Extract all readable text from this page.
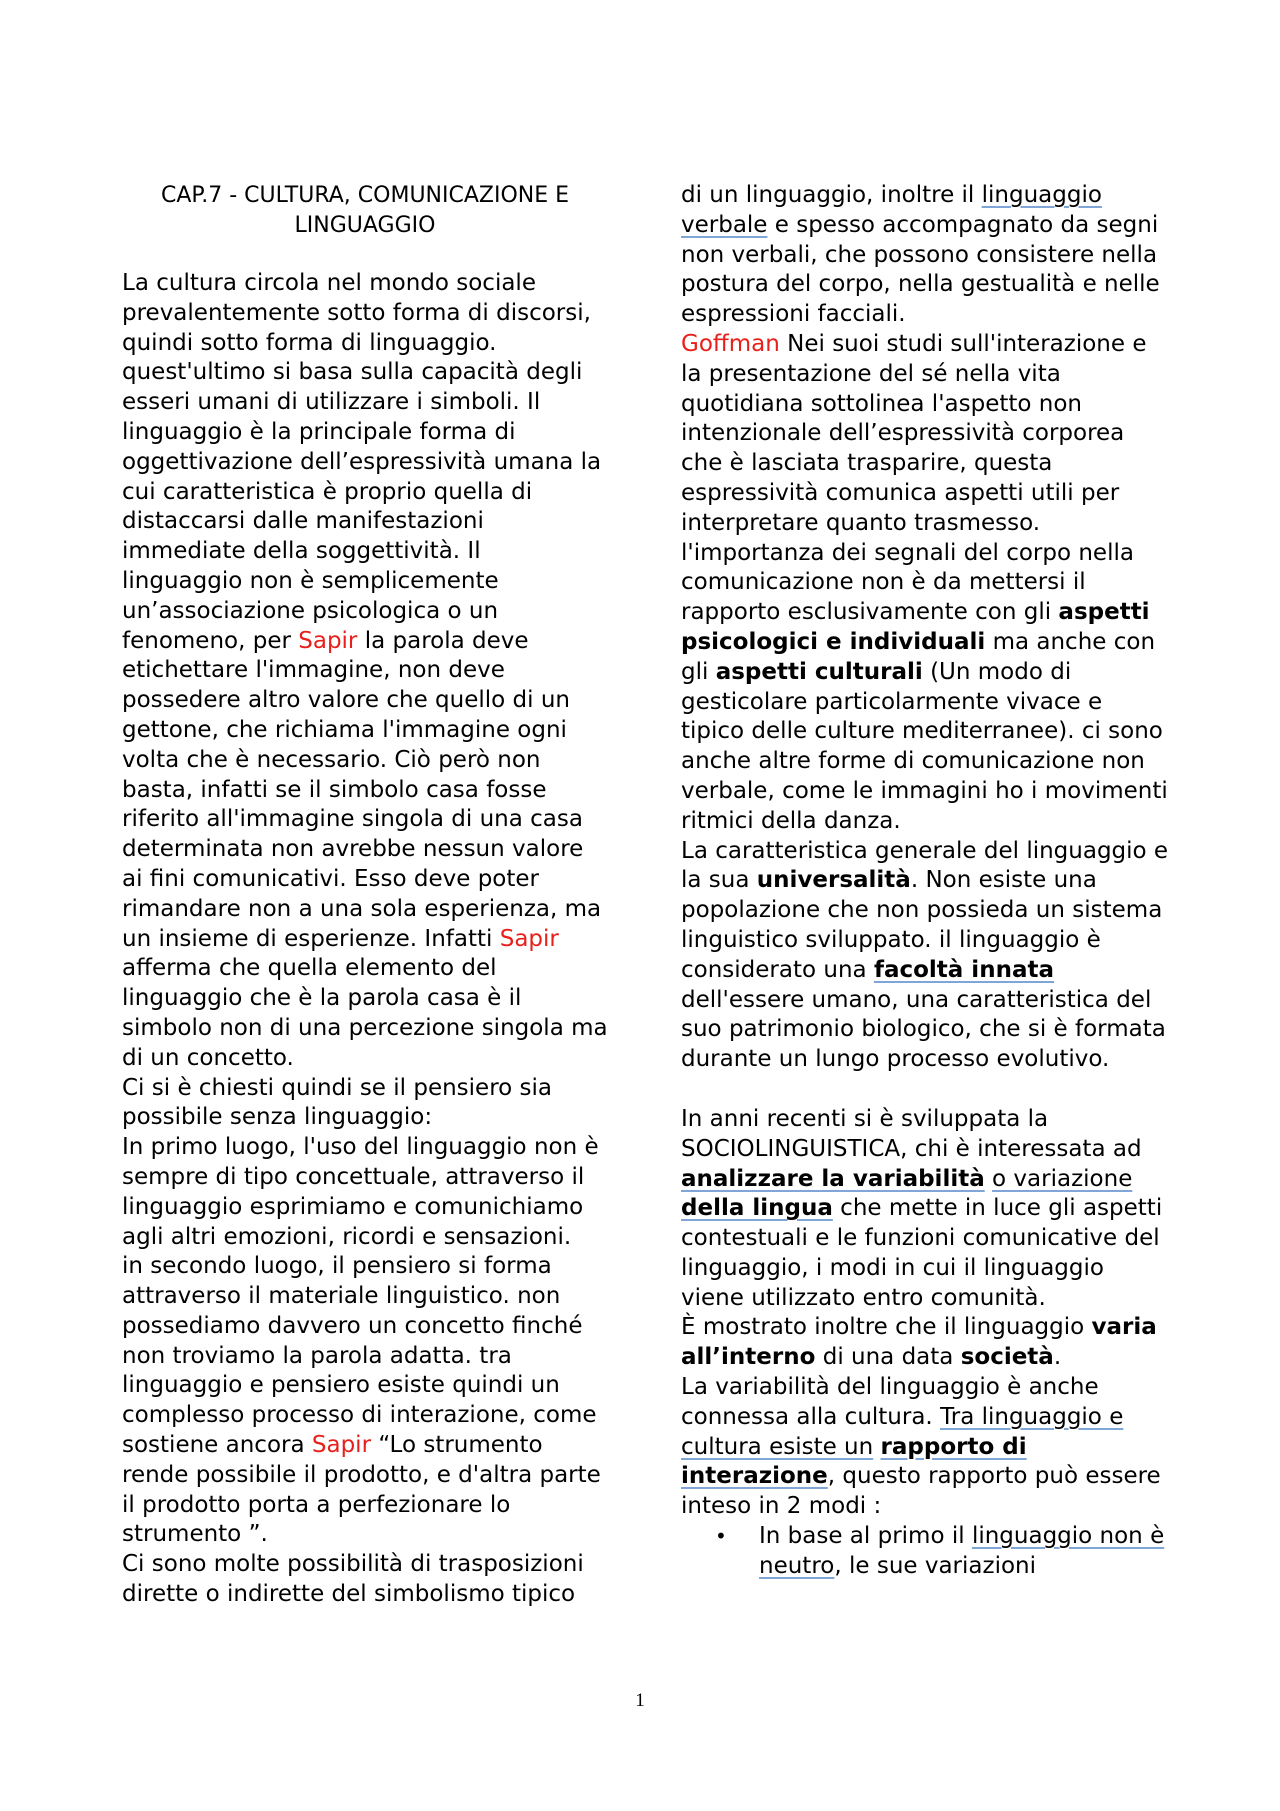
CAP.7 - CULTURA, COMUNICAZIONE E LINGUAGGIO

La cultura circola nel mondo sociale prevalentemente sotto forma di discorsi, quindi sotto forma di linguaggio. quest'ultimo si basa sulla capacità degli esseri umani di utilizzare i simboli. Il linguaggio è la principale forma di oggettivazione dell’espressività umana la cui caratteristica è proprio quella di distaccarsi dalle manifestazioni immediate della soggettività. Il linguaggio non è semplicemente un’associazione psicologica o un fenomeno, per Sapir la parola deve etichettare l'immagine, non deve possedere altro valore che quello di un gettone, che richiama l'immagine ogni volta che è necessario. Ciò però non basta, infatti se il simbolo casa fosse riferito all'immagine singola di una casa determinata non avrebbe nessun valore ai fini comunicativi. Esso deve poter rimandare non a una sola esperienza, ma un insieme di esperienze. Infatti Sapir afferma che quella elemento del linguaggio che è la parola casa è il simbolo non di una percezione singola ma di un concetto.

Ci si è chiesti quindi se il pensiero sia possibile senza linguaggio:

In primo luogo, l'uso del linguaggio non è sempre di tipo concettuale, attraverso il linguaggio esprimiamo e comunichiamo agli altri emozioni, ricordi e sensazioni.

in secondo luogo, il pensiero si forma attraverso il materiale linguistico. non possediamo davvero un concetto finché non troviamo la parola adatta. tra linguaggio e pensiero esiste quindi un complesso processo di interazione, come sostiene ancora Sapir “Lo strumento rende possibile il prodotto, e d'altra parte il prodotto porta a perfezionare lo strumento ”.

Ci sono molte possibilità di trasposizioni dirette o indirette del simbolismo tipico

di un linguaggio, inoltre il linguaggio verbale e spesso accompagnato da segni non verbali, che possono consistere nella postura del corpo, nella gestualità e nelle espressioni facciali.

Goffman Nei suoi studi sull'interazione e la presentazione del sé nella vita quotidiana sottolinea l'aspetto non intenzionale dell’espressività corporea che è lasciata trasparire, questa espressività comunica aspetti utili per interpretare quanto trasmesso.

l'importanza dei segnali del corpo nella comunicazione non è da mettersi il rapporto esclusivamente con gli aspetti psicologici e individuali ma anche con gli aspetti culturali (Un modo di gesticolare particolarmente vivace e tipico delle culture mediterranee). ci sono anche altre forme di comunicazione non verbale, come le immagini ho i movimenti ritmici della danza.

La caratteristica generale del linguaggio e la sua universalità. Non esiste una popolazione che non possieda un sistema linguistico sviluppato. il linguaggio è considerato una facoltà innata dell'essere umano, una caratteristica del suo patrimonio biologico, che si è formata durante un lungo processo evolutivo.

In anni recenti si è sviluppata la SOCIOLINGUISTICA, chi è interessata ad analizzare la variabilità o variazione della lingua che mette in luce gli aspetti contestuali e le funzioni comunicative del linguaggio, i modi in cui il linguaggio viene utilizzato entro comunità.

È mostrato inoltre che il linguaggio varia all’interno di una data società.

La variabilità del linguaggio è anche connessa alla cultura. Tra linguaggio e cultura esiste un rapporto di interazione, questo rapporto può essere inteso in 2 modi :

• In base al primo il linguaggio non è neutro, le sue variazioni
1
